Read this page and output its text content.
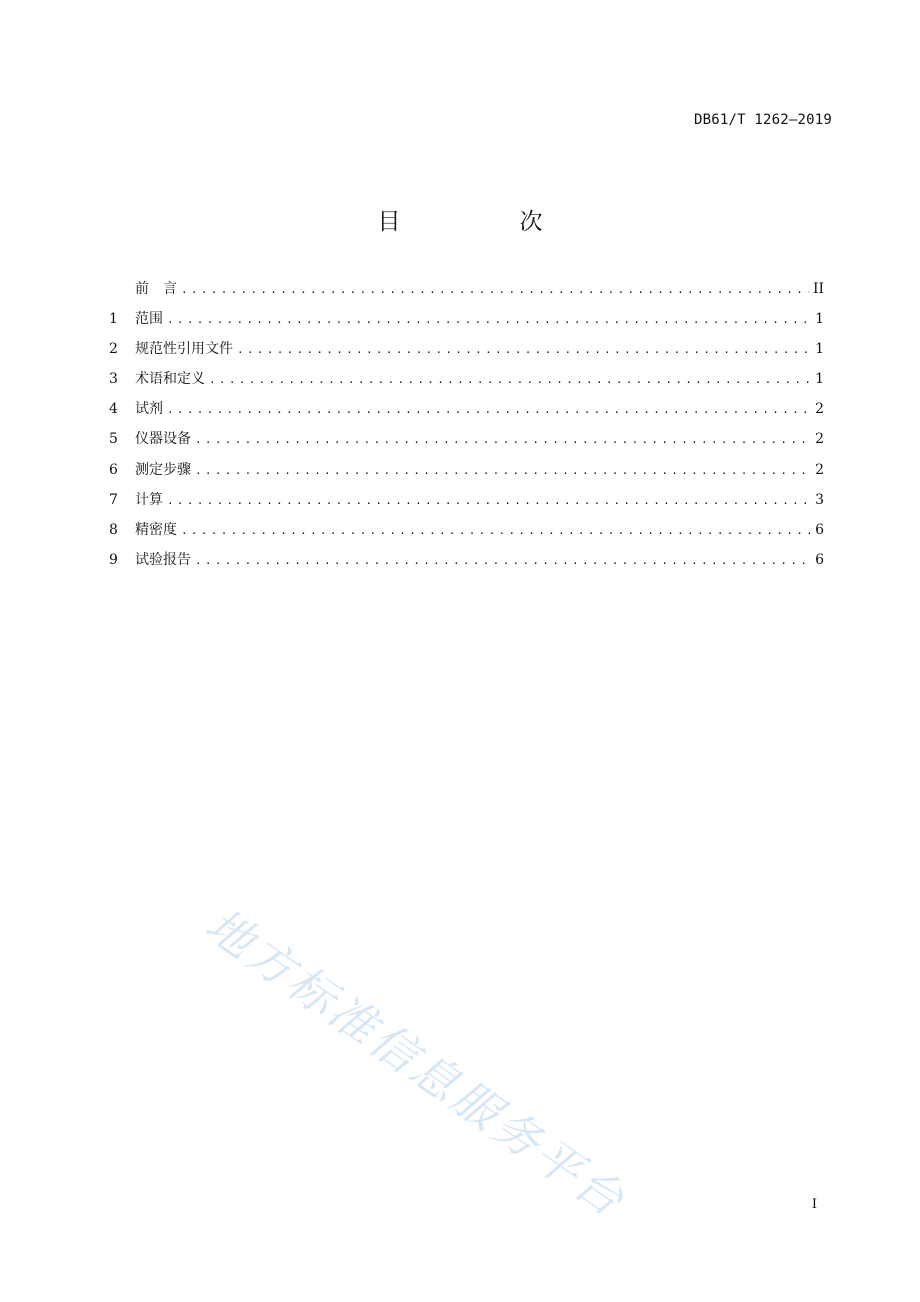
DB61/T 1262—2019
目　次
前　言 .....	II
1	范围 .....	1
2	规范性引用文件 .....	1
3	术语和定义 .....	1
4	试剂 .....	2
5	仪器设备 .....	2
6	测定步骤 .....	2
7	计算 .....	3
8	精密度 .....	6
9	试验报告 .....	6
地方标准信息服务平台	I
